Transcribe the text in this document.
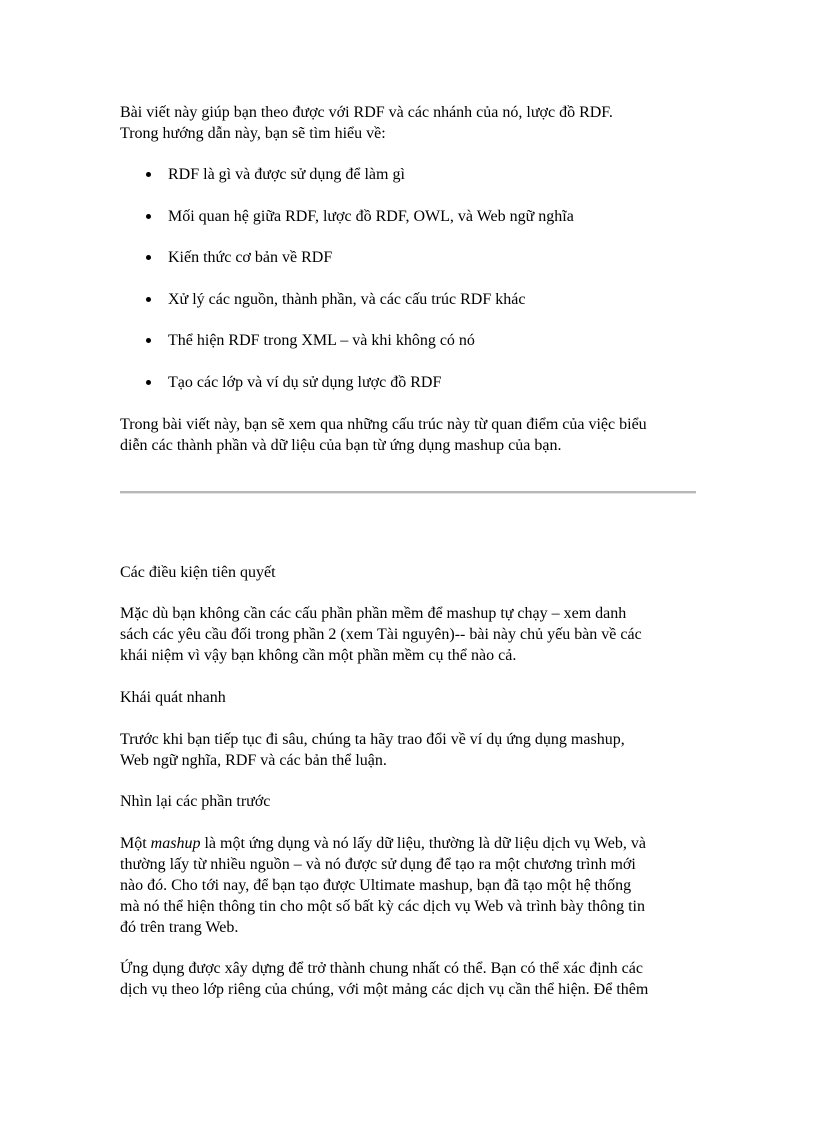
Bài viết này giúp bạn theo được với RDF và các nhánh của nó, lược đồ RDF.
Trong hướng dẫn này, bạn sẽ tìm hiểu về:

RDF là gì và được sử dụng để làm gì
Mối quan hệ giữa RDF, lược đồ RDF, OWL, và Web ngữ nghĩa
Kiến thức cơ bản về RDF
Xử lý các nguồn, thành phần, và các cấu trúc RDF khác
Thể hiện RDF trong XML – và khi không có nó
Tạo các lớp và ví dụ sử dụng lược đồ RDF

Trong bài viết này, bạn sẽ xem qua những cấu trúc này từ quan điểm của việc biểu
diễn các thành phần và dữ liệu của bạn từ ứng dụng mashup của bạn.

Các điều kiện tiên quyết

Mặc dù bạn không cần các cấu phần phần mềm để mashup tự chạy – xem danh
sách các yêu cầu đối trong phần 2 (xem Tài nguyên)-- bài này chủ yếu bàn về các
khái niệm vì vậy bạn không cần một phần mềm cụ thể nào cả.

Khái quát nhanh

Trước khi bạn tiếp tục đi sâu, chúng ta hãy trao đổi về ví dụ ứng dụng mashup,
Web ngữ nghĩa, RDF và các bản thể luận.

Nhìn lại các phần trước

Một mashup là một ứng dụng và nó lấy dữ liệu, thường là dữ liệu dịch vụ Web, và
thường lấy từ nhiều nguồn – và nó được sử dụng để tạo ra một chương trình mới
nào đó. Cho tới nay, để bạn tạo được Ultimate mashup, bạn đã tạo một hệ thống
mà nó thể hiện thông tin cho một số bất kỳ các dịch vụ Web và trình bày thông tin
đó trên trang Web.

Ứng dụng được xây dựng để trở thành chung nhất có thể. Bạn có thể xác định các
dịch vụ theo lớp riêng của chúng, với một mảng các dịch vụ cần thể hiện. Để thêm
